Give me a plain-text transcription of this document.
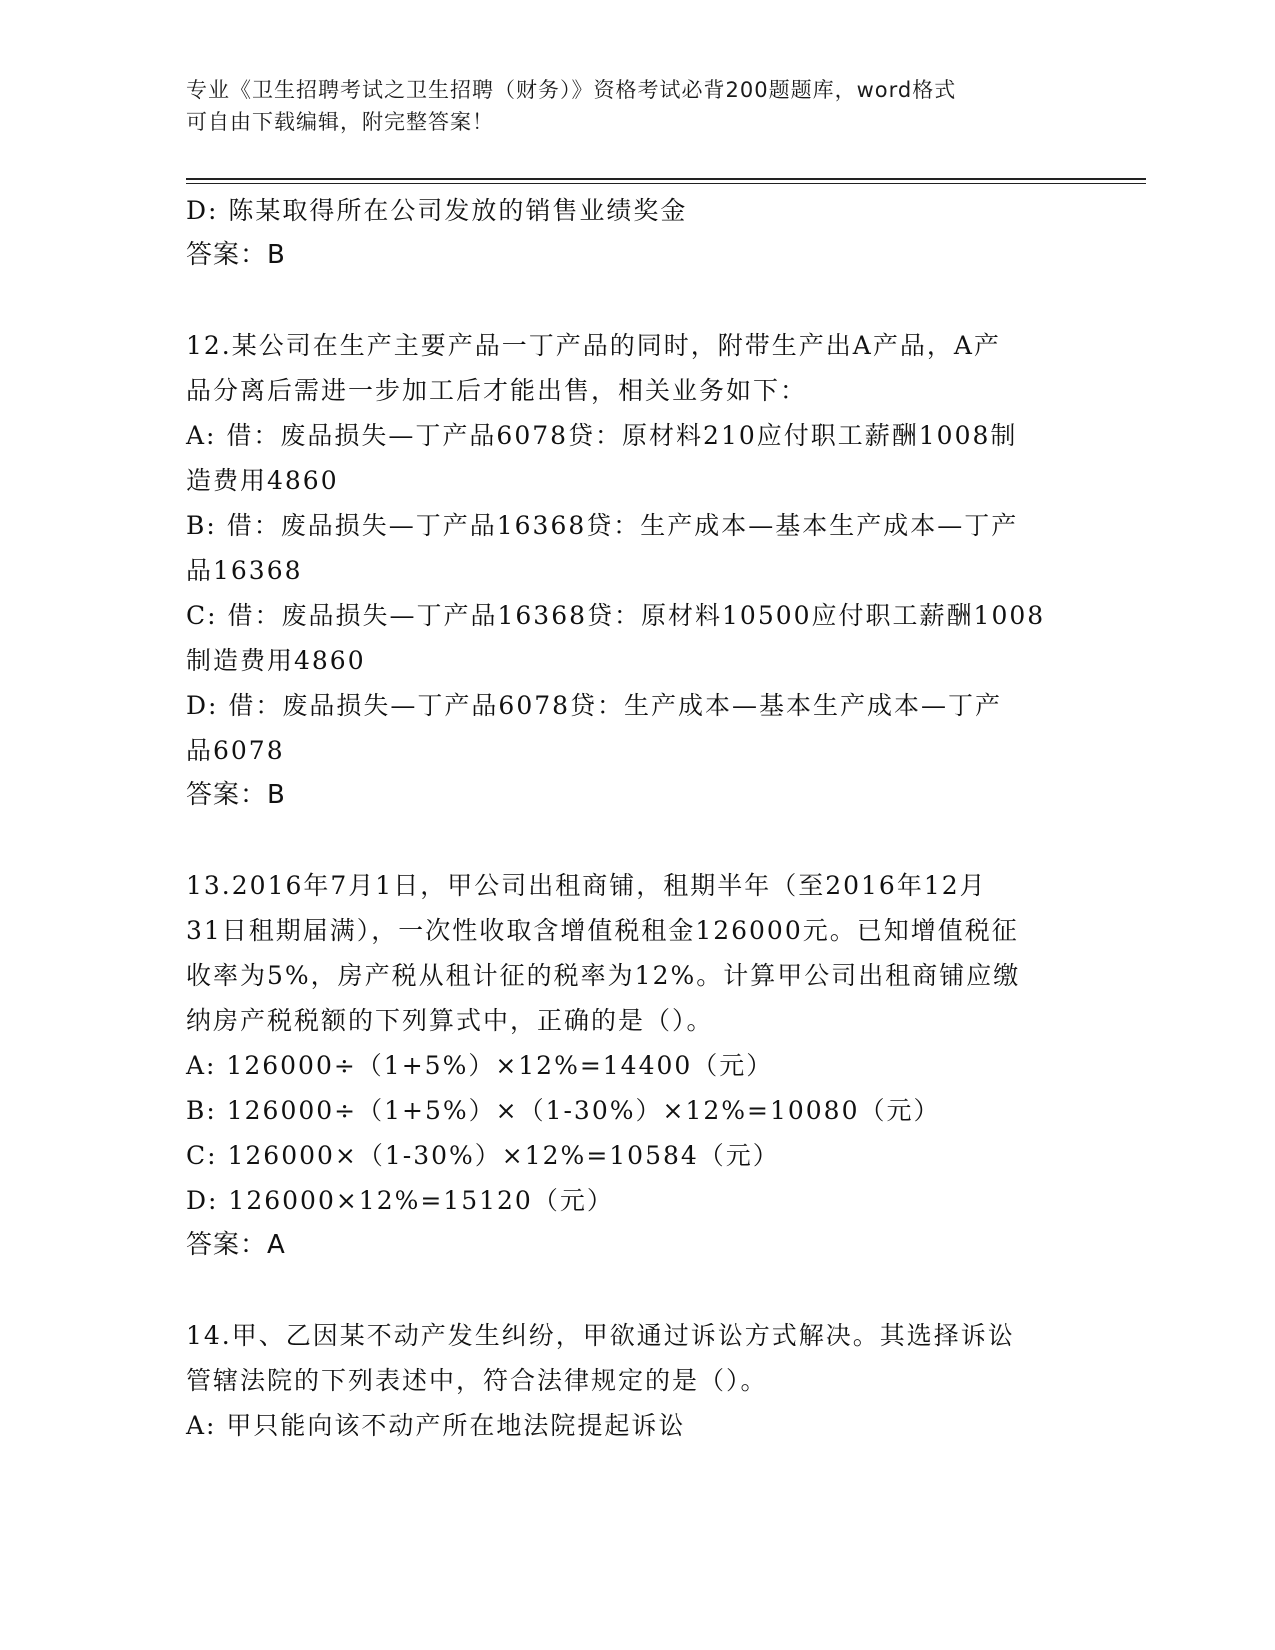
专业《卫生招聘考试之卫生招聘（财务）》资格考试必背200题题库，word格式
可自由下载编辑，附完整答案！
D: 陈某取得所在公司发放的销售业绩奖金
答案：B
12.某公司在生产主要产品一丁产品的同时，附带生产出A产品，A产
品分离后需进一步加工后才能出售，相关业务如下：
A: 借：废品损失—丁产品6078贷：原材料210应付职工薪酬1008制
造费用4860
B: 借：废品损失—丁产品16368贷：生产成本—基本生产成本—丁产
品16368
C: 借：废品损失—丁产品16368贷：原材料10500应付职工薪酬1008
制造费用4860
D: 借：废品损失—丁产品6078贷：生产成本—基本生产成本—丁产
品6078
答案：B
13.2016年7月1日，甲公司出租商铺，租期半年（至2016年12月
31日租期届满），一次性收取含增值税租金126000元。已知增值税征
收率为5%，房产税从租计征的税率为12%。计算甲公司出租商铺应缴
纳房产税税额的下列算式中，正确的是（）。
A: 126000÷（1+5%）×12%=14400（元）
B: 126000÷（1+5%）×（1-30%）×12%=10080（元）
C: 126000×（1-30%）×12%=10584（元）
D: 126000×12%=15120（元）
答案：A
14.甲、乙因某不动产发生纠纷，甲欲通过诉讼方式解决。其选择诉讼
管辖法院的下列表述中，符合法律规定的是（）。
A: 甲只能向该不动产所在地法院提起诉讼
